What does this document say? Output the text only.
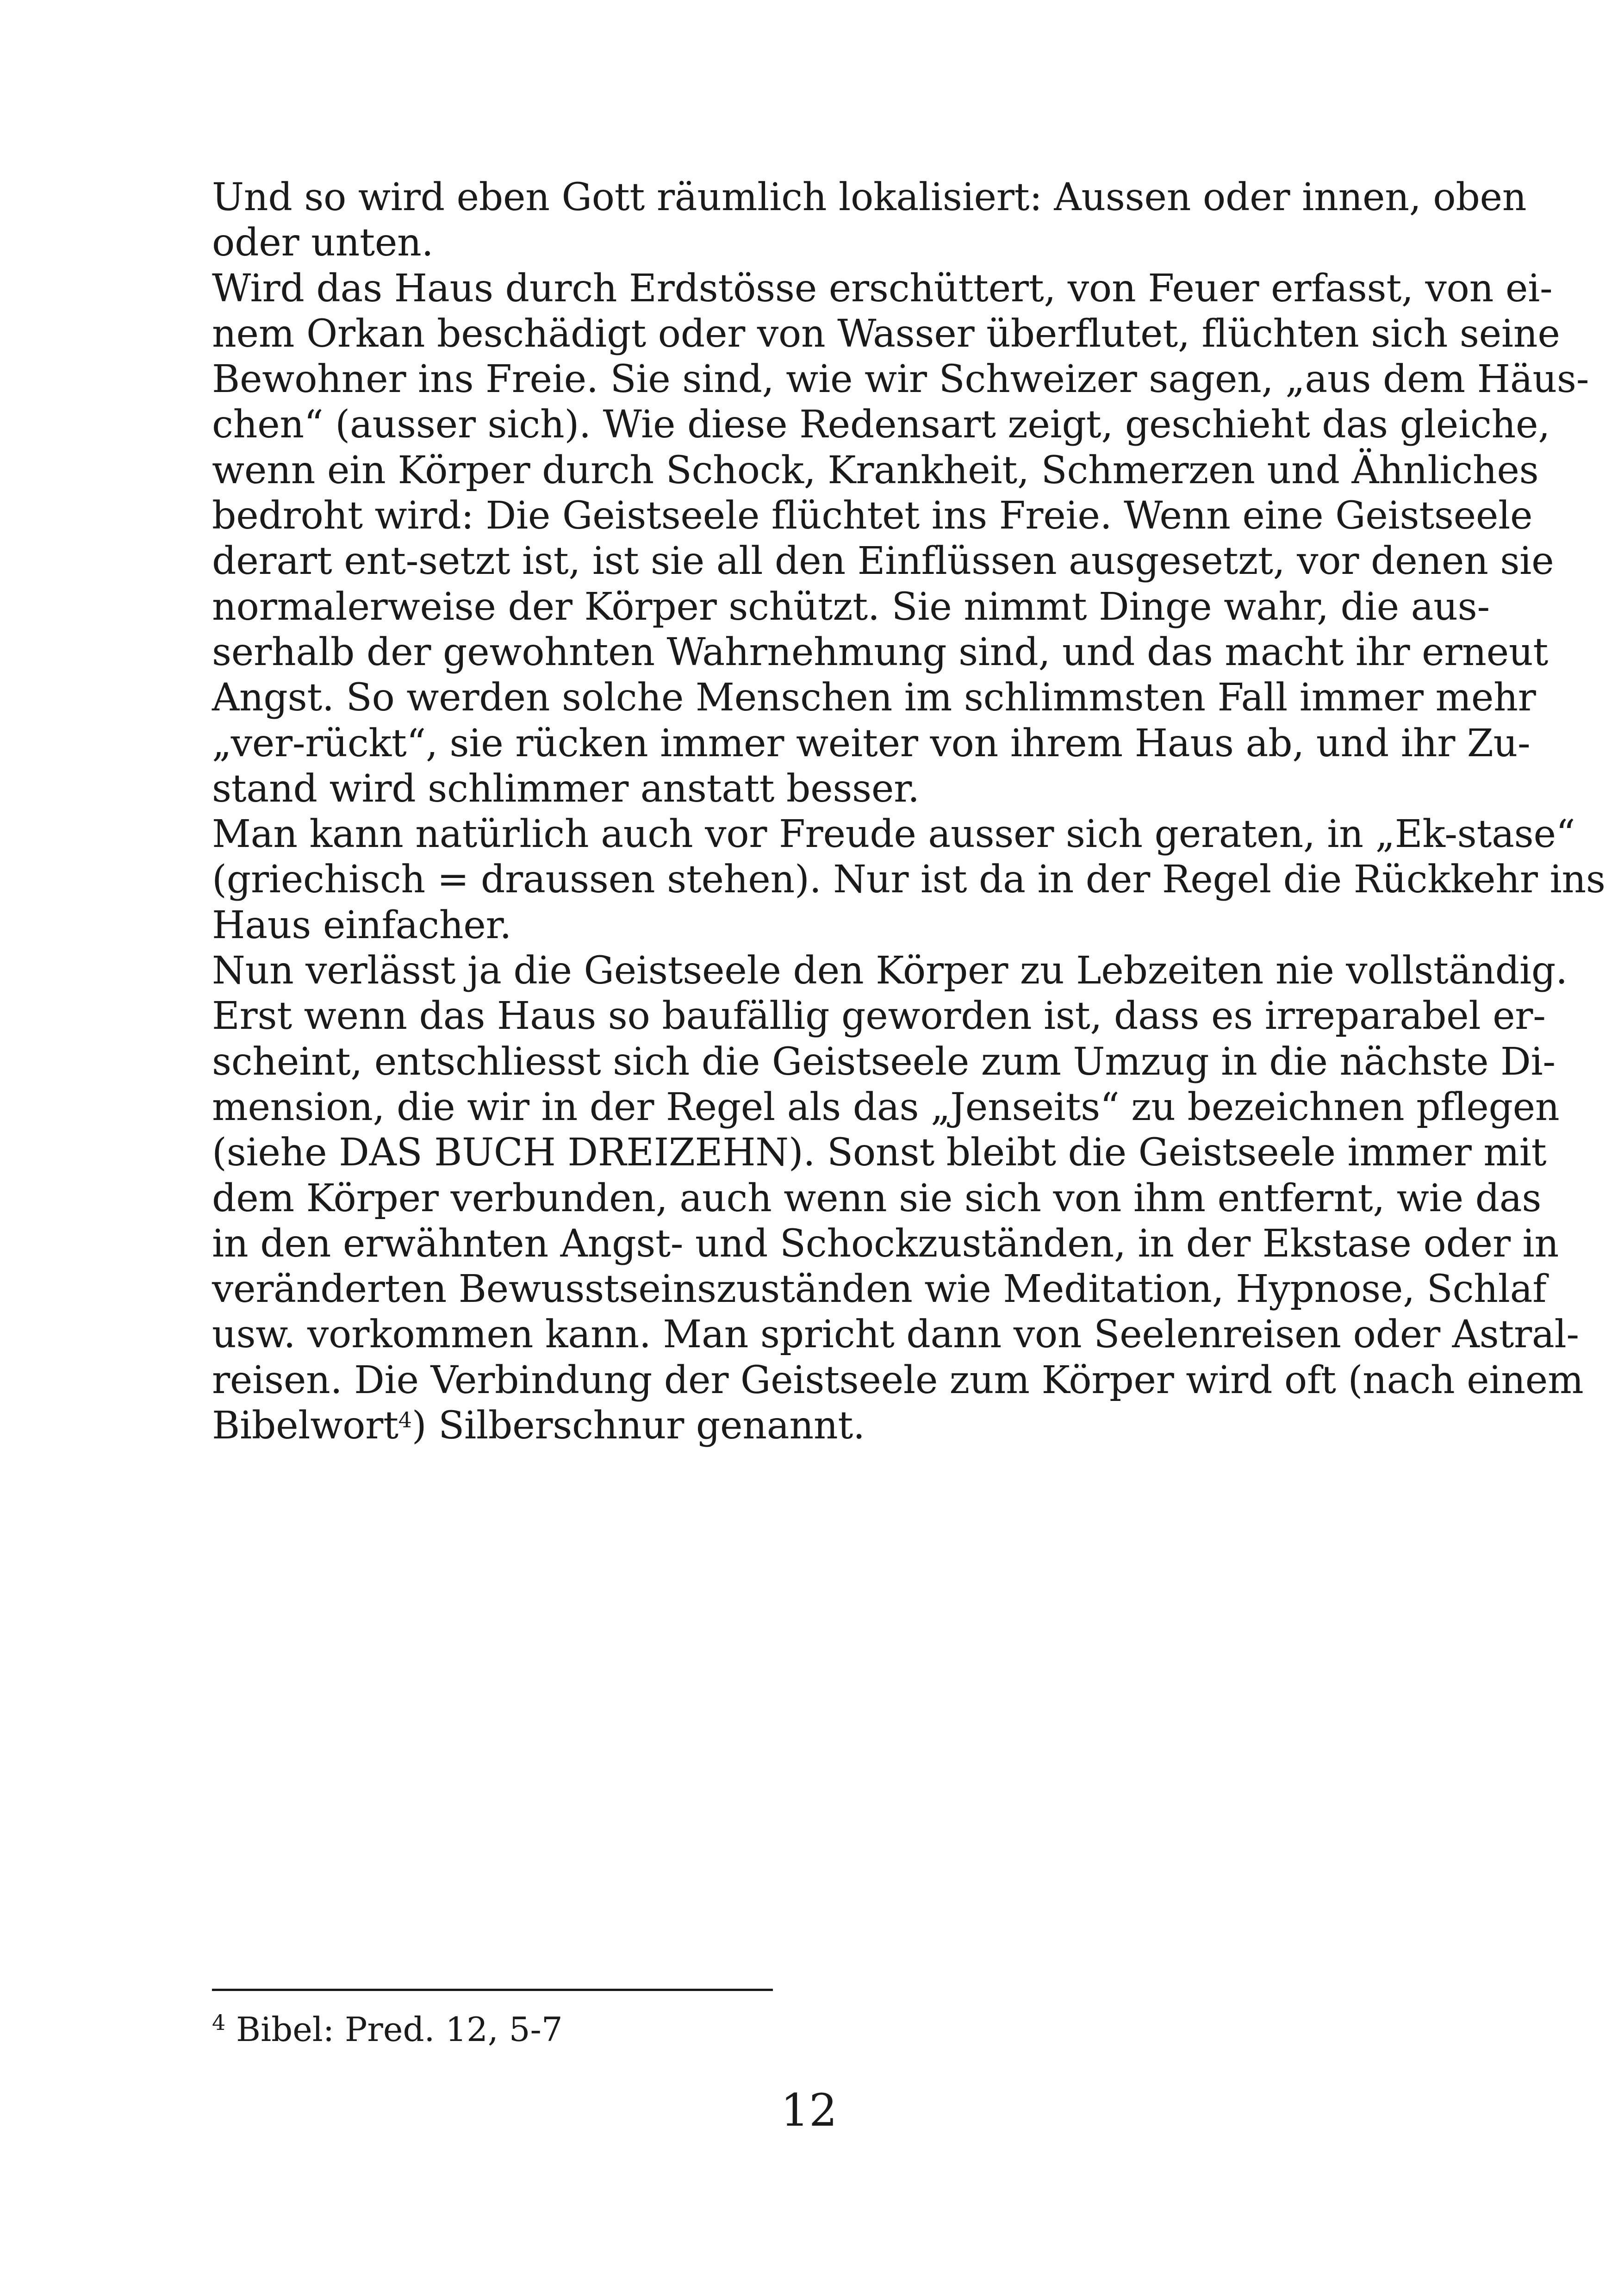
Und so wird eben Gott räumlich lokalisiert: Aussen oder innen, oben
oder unten.
Wird das Haus durch Erdstösse erschüttert, von Feuer erfasst, von ei-
nem Orkan beschädigt oder von Wasser überflutet, flüchten sich seine
Bewohner ins Freie. Sie sind, wie wir Schweizer sagen, „aus dem Häus-
chen“ (ausser sich). Wie diese Redensart zeigt, geschieht das gleiche,
wenn ein Körper durch Schock, Krankheit, Schmerzen und Ähnliches
bedroht wird: Die Geistseele flüchtet ins Freie. Wenn eine Geistseele
derart ent-setzt ist, ist sie all den Einflüssen ausgesetzt, vor denen sie
normalerweise der Körper schützt. Sie nimmt Dinge wahr, die aus-
serhalb der gewohnten Wahrnehmung sind, und das macht ihr erneut
Angst. So werden solche Menschen im schlimmsten Fall immer mehr
„ver-rückt“, sie rücken immer weiter von ihrem Haus ab, und ihr Zu-
stand wird schlimmer anstatt besser.
Man kann natürlich auch vor Freude ausser sich geraten, in „Ek-stase“
(griechisch = draussen stehen). Nur ist da in der Regel die Rückkehr ins
Haus einfacher.
Nun verlässt ja die Geistseele den Körper zu Lebzeiten nie vollständig.
Erst wenn das Haus so baufällig geworden ist, dass es irreparabel er-
scheint, entschliesst sich die Geistseele zum Umzug in die nächste Di-
mension, die wir in der Regel als das „Jenseits“ zu bezeichnen pflegen
(siehe DAS BUCH DREIZEHN). Sonst bleibt die Geistseele immer mit
dem Körper verbunden, auch wenn sie sich von ihm entfernt, wie das
in den erwähnten Angst- und Schockzuständen, in der Ekstase oder in
veränderten Bewusstseinszuständen wie Meditation, Hypnose, Schlaf
usw. vorkommen kann. Man spricht dann von Seelenreisen oder Astral-
reisen. Die Verbindung der Geistseele zum Körper wird oft (nach einem
Bibelwort$^4$) Silberschnur genannt.
$^4$ Bibel: Pred. 12, 5-7
12
